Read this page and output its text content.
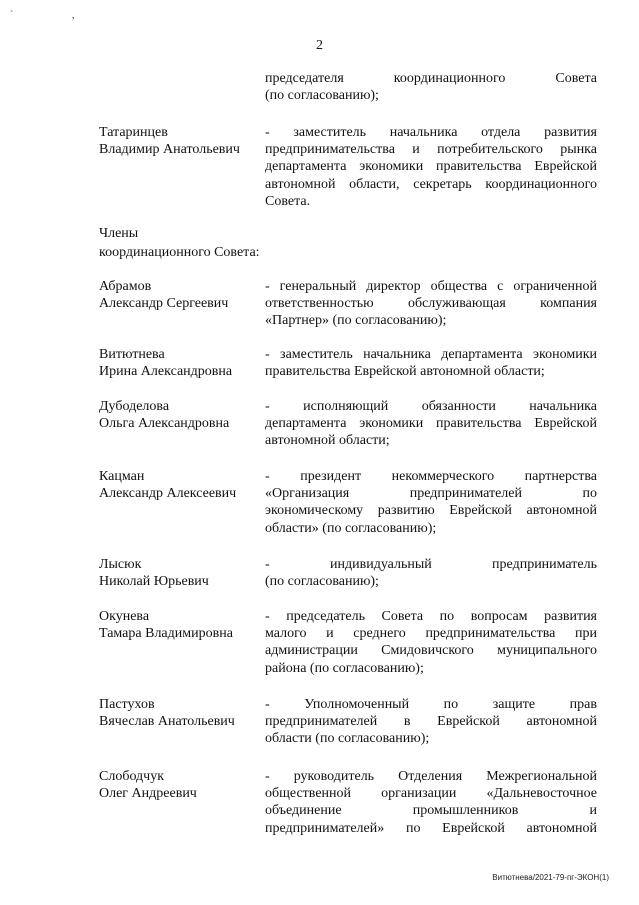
` ,
2
председателя координационного Совета
(по согласованию);
Татаринцев
Владимир Анатольевич
- заместитель начальника отдела развития
предпринимательства и потребительского рынка
департамента экономики правительства Еврейской
автономной области, секретарь координационного
Совета.
Члены
координационного Совета:
Абрамов
Александр Сергеевич
- генеральный директор общества с ограниченной
ответственностью обслуживающая компания
«Партнер» (по согласованию);
Витютнева
Ирина Александровна
- заместитель начальника департамента экономики
правительства Еврейской автономной области;
Дубоделова
Ольга Александровна
- исполняющий обязанности начальника
департамента экономики правительства Еврейской
автономной области;
Кацман
Александр Алексеевич
- президент некоммерческого партнерства
«Организация предпринимателей по
экономическому развитию Еврейской автономной
области» (по согласованию);
Лысюк
Николай Юрьевич
- индивидуальный предприниматель
(по согласованию);
Окунева
Тамара Владимировна
- председатель Совета по вопросам развития
малого и среднего предпринимательства при
администрации Смидовичского муниципального
района (по согласованию);
Пастухов
Вячеслав Анатольевич
- Уполномоченный по защите прав
предпринимателей в Еврейской автономной
области (по согласованию);
Слободчук
Олег Андреевич
- руководитель Отделения Межрегиональной
общественной организации «Дальневосточное
объединение промышленников и
предпринимателей» по Еврейской автономной
Витютнева/2021-79-пг-ЭКОН(1)
